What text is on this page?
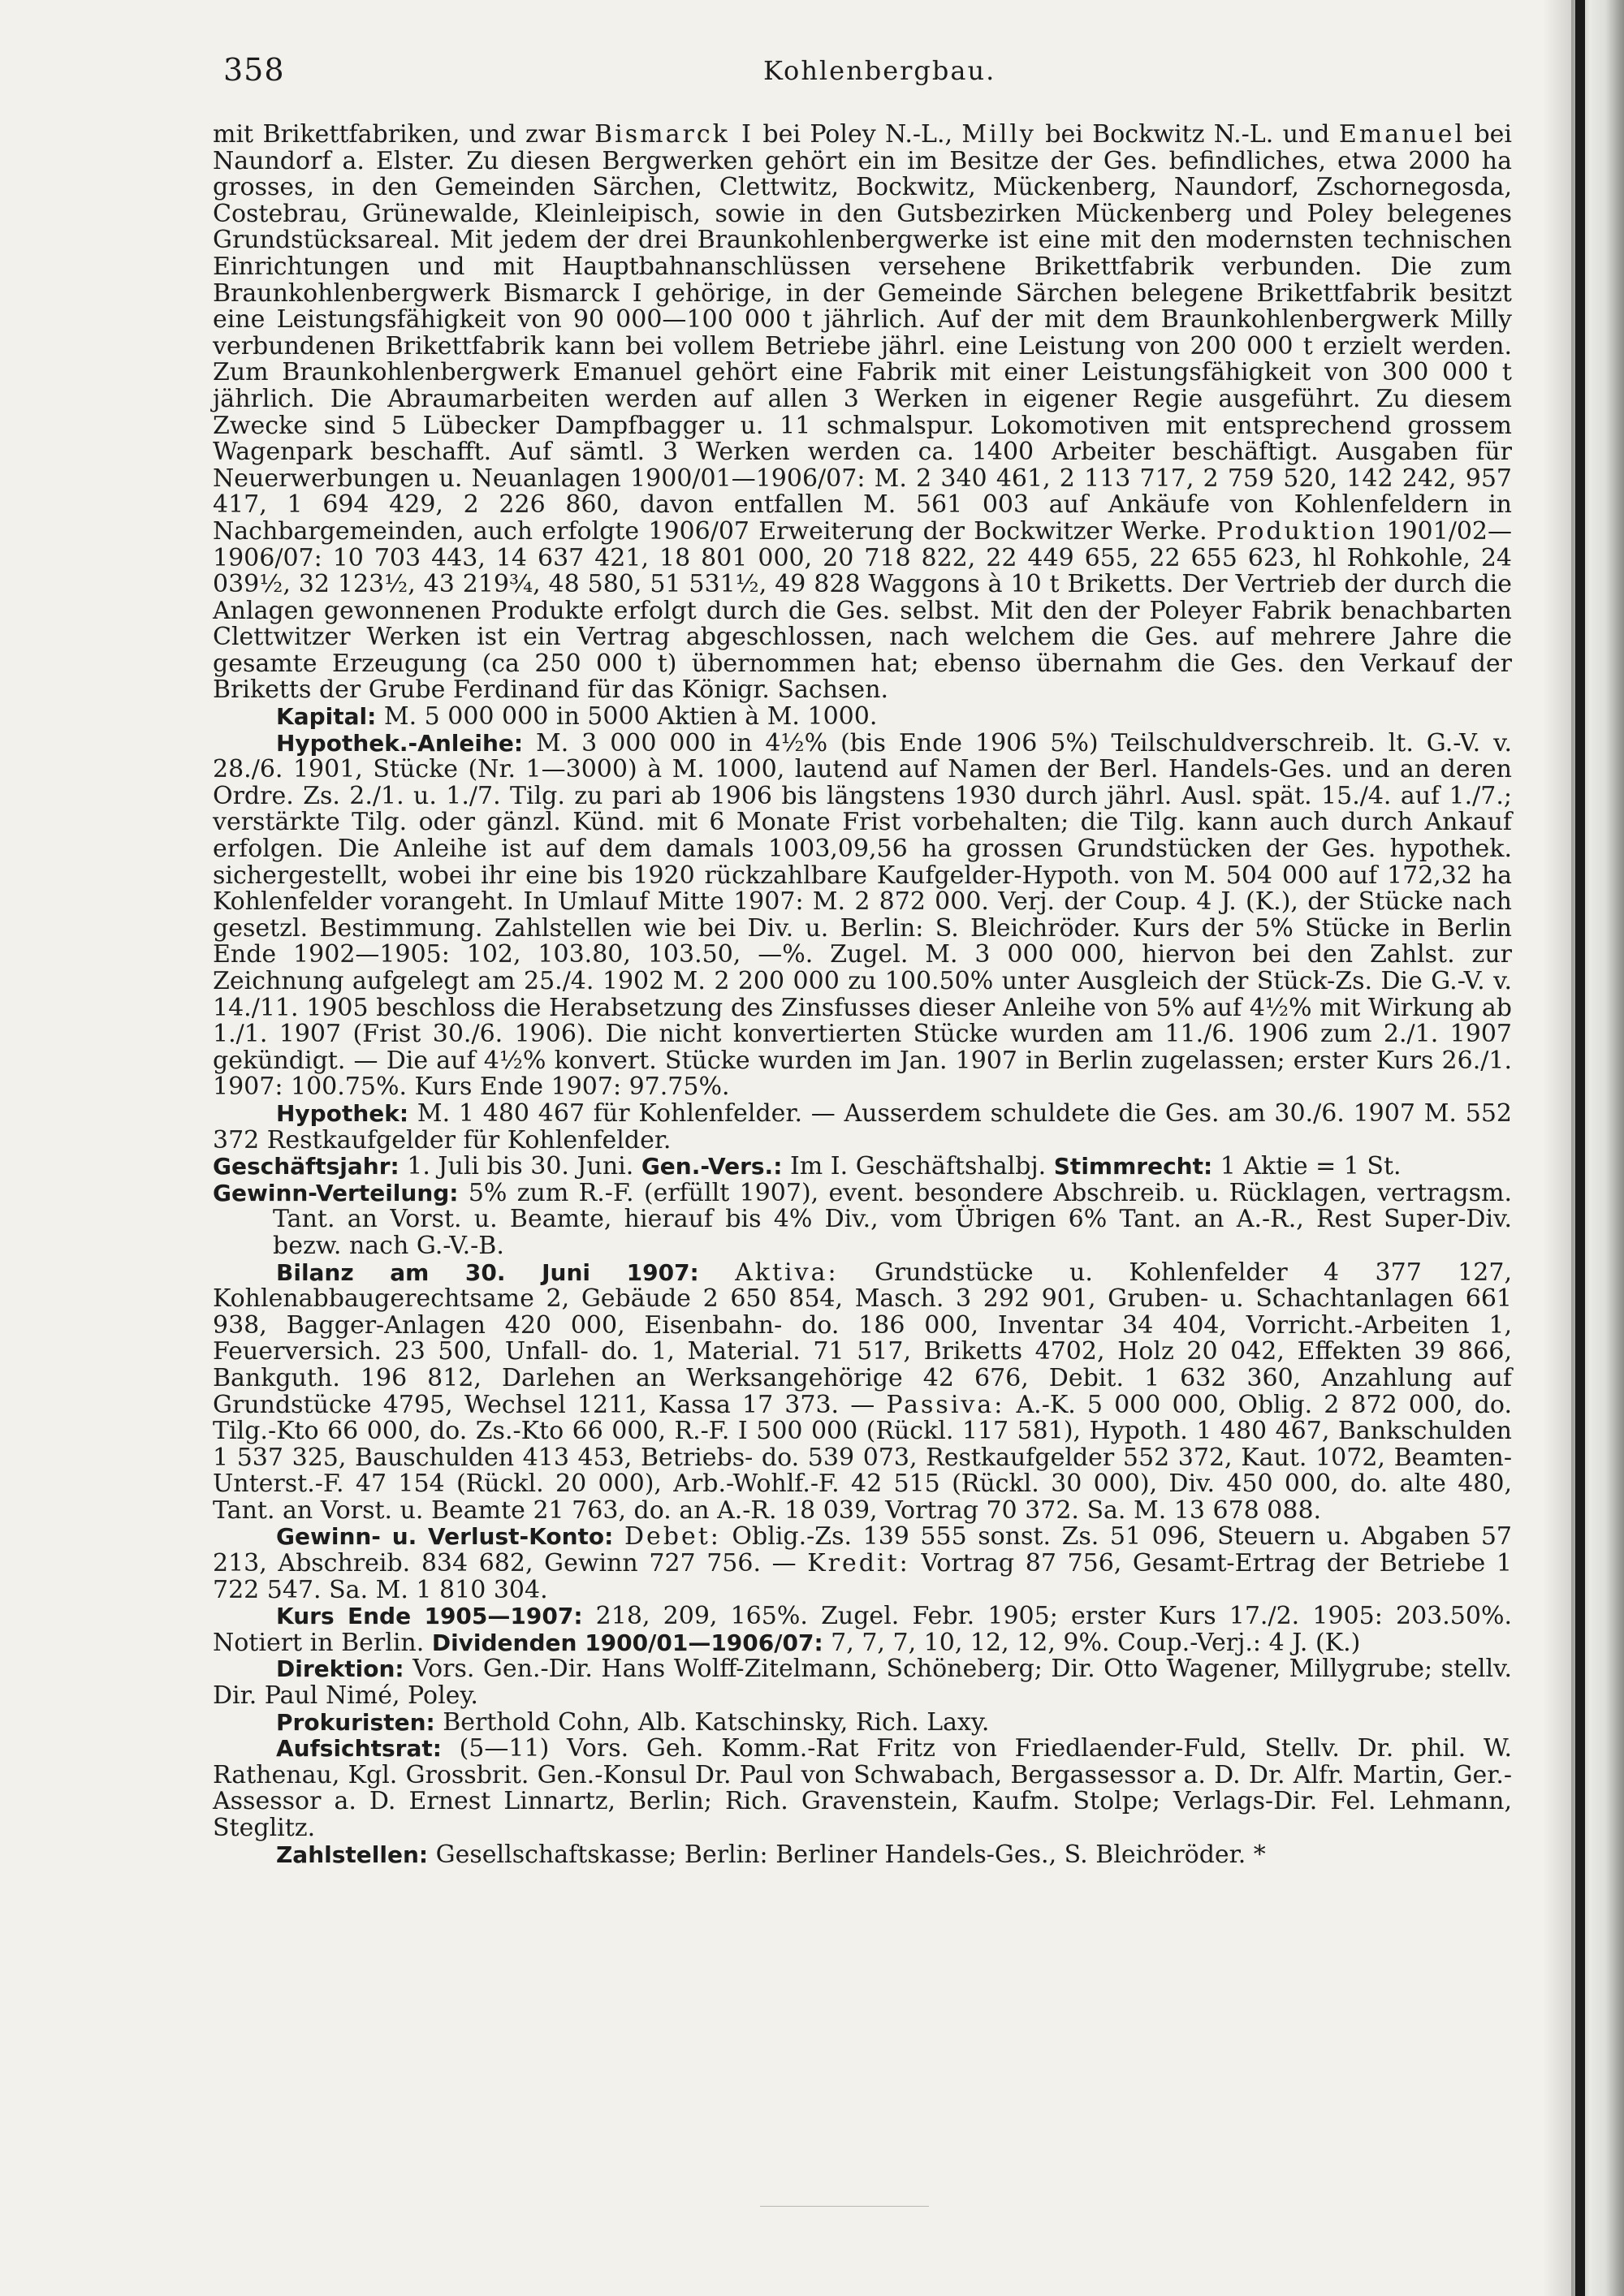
358	Kohlenbergbau.

mit Brikettfabriken, und zwar Bismarck I bei Poley N.-L., Milly bei Bockwitz N.-L. und Emanuel bei Naundorf a. Elster. Zu diesen Bergwerken gehört ein im Besitze der Ges. befindliches, etwa 2000 ha grosses, in den Gemeinden Särchen, Clettwitz, Bockwitz, Mückenberg, Naundorf, Zschornegosda, Costebrau, Grünewalde, Kleinleipisch, sowie in den Gutsbezirken Mückenberg und Poley belegenes Grundstücksareal. Mit jedem der drei Braunkohlenbergwerke ist eine mit den modernsten technischen Einrichtungen und mit Hauptbahnanschlüssen versehene Brikettfabrik verbunden. Die zum Braunkohlenbergwerk Bismarck I gehörige, in der Gemeinde Särchen belegene Brikettfabrik besitzt eine Leistungsfähigkeit von 90 000—100 000 t jährlich. Auf der mit dem Braunkohlenbergwerk Milly verbundenen Brikettfabrik kann bei vollem Betriebe jährl. eine Leistung von 200 000 t erzielt werden. Zum Braunkohlenbergwerk Emanuel gehört eine Fabrik mit einer Leistungsfähigkeit von 300 000 t jährlich. Die Abraumarbeiten werden auf allen 3 Werken in eigener Regie ausgeführt. Zu diesem Zwecke sind 5 Lübecker Dampfbagger u. 11 schmalspur. Lokomotiven mit entsprechend grossem Wagenpark beschafft. Auf sämtl. 3 Werken werden ca. 1400 Arbeiter beschäftigt. Ausgaben für Neuerwerbungen u. Neuanlagen 1900/01—1906/07: M. 2 340 461, 2 113 717, 2 759 520, 142 242, 957 417, 1 694 429, 2 226 860, davon entfallen M. 561 003 auf Ankäufe von Kohlenfeldern in Nachbargemeinden, auch erfolgte 1906/07 Erweiterung der Bockwitzer Werke. Produktion 1901/02—1906/07: 10 703 443, 14 637 421, 18 801 000, 20 718 822, 22 449 655, 22 655 623, hl Rohkohle, 24 039½, 32 123½, 43 219¾, 48 580, 51 531½, 49 828 Waggons à 10 t Briketts. Der Vertrieb der durch die Anlagen gewonnenen Produkte erfolgt durch die Ges. selbst. Mit den der Poleyer Fabrik benachbarten Clettwitzer Werken ist ein Vertrag abgeschlossen, nach welchem die Ges. auf mehrere Jahre die gesamte Erzeugung (ca 250 000 t) übernommen hat; ebenso übernahm die Ges. den Verkauf der Briketts der Grube Ferdinand für das Königr. Sachsen.

Kapital: M. 5 000 000 in 5000 Aktien à M. 1000.

Hypothek.-Anleihe: M. 3 000 000 in 4½% (bis Ende 1906 5%) Teilschuldverschreib. lt. G.-V. v. 28./6. 1901, Stücke (Nr. 1—3000) à M. 1000, lautend auf Namen der Berl. Handels-Ges. und an deren Ordre. Zs. 2./1. u. 1./7. Tilg. zu pari ab 1906 bis längstens 1930 durch jährl. Ausl. spät. 15./4. auf 1./7.; verstärkte Tilg. oder gänzl. Künd. mit 6 Monate Frist vorbehalten; die Tilg. kann auch durch Ankauf erfolgen. Die Anleihe ist auf dem damals 1003,09,56 ha grossen Grundstücken der Ges. hypothek. sichergestellt, wobei ihr eine bis 1920 rückzahlbare Kaufgelder-Hypoth. von M. 504 000 auf 172,32 ha Kohlenfelder vorangeht. In Umlauf Mitte 1907: M. 2 872 000. Verj. der Coup. 4 J. (K.), der Stücke nach gesetzl. Bestimmung. Zahlstellen wie bei Div. u. Berlin: S. Bleichröder. Kurs der 5% Stücke in Berlin Ende 1902—1905: 102, 103.80, 103.50, —%. Zugel. M. 3 000 000, hiervon bei den Zahlst. zur Zeichnung aufgelegt am 25./4. 1902 M. 2 200 000 zu 100.50% unter Ausgleich der Stück-Zs. Die G.-V. v. 14./11. 1905 beschloss die Herabsetzung des Zinsfusses dieser Anleihe von 5% auf 4½% mit Wirkung ab 1./1. 1907 (Frist 30./6. 1906). Die nicht konvertierten Stücke wurden am 11./6. 1906 zum 2./1. 1907 gekündigt. — Die auf 4½% konvert. Stücke wurden im Jan. 1907 in Berlin zugelassen; erster Kurs 26./1. 1907: 100.75%. Kurs Ende 1907: 97.75%.

Hypothek: M. 1 480 467 für Kohlenfelder. — Ausserdem schuldete die Ges. am 30./6. 1907 M. 552 372 Restkaufgelder für Kohlenfelder.

Geschäftsjahr: 1. Juli bis 30. Juni. Gen.-Vers.: Im I. Geschäftshalbj. Stimmrecht: 1 Aktie = 1 St.

Gewinn-Verteilung: 5% zum R.-F. (erfüllt 1907), event. besondere Abschreib. u. Rücklagen, vertragsm. Tant. an Vorst. u. Beamte, hierauf bis 4% Div., vom Übrigen 6% Tant. an A.-R., Rest Super-Div. bezw. nach G.-V.-B.

Bilanz am 30. Juni 1907: Aktiva: Grundstücke u. Kohlenfelder 4 377 127, Kohlenabbaugerechtsame 2, Gebäude 2 650 854, Masch. 3 292 901, Gruben- u. Schachtanlagen 661 938, Bagger-Anlagen 420 000, Eisenbahn- do. 186 000, Inventar 34 404, Vorricht.-Arbeiten 1, Feuerversich. 23 500, Unfall- do. 1, Material. 71 517, Briketts 4702, Holz 20 042, Effekten 39 866, Bankguth. 196 812, Darlehen an Werksangehörige 42 676, Debit. 1 632 360, Anzahlung auf Grundstücke 4795, Wechsel 1211, Kassa 17 373. — Passiva: A.-K. 5 000 000, Oblig. 2 872 000, do. Tilg.-Kto 66 000, do. Zs.-Kto 66 000, R.-F. I 500 000 (Rückl. 117 581), Hypoth. 1 480 467, Bankschulden 1 537 325, Bauschulden 413 453, Betriebs- do. 539 073, Restkaufgelder 552 372, Kaut. 1072, Beamten-Unterst.-F. 47 154 (Rückl. 20 000), Arb.-Wohlf.-F. 42 515 (Rückl. 30 000), Div. 450 000, do. alte 480, Tant. an Vorst. u. Beamte 21 763, do. an A.-R. 18 039, Vortrag 70 372. Sa. M. 13 678 088.

Gewinn- u. Verlust-Konto: Debet: Oblig.-Zs. 139 555 sonst. Zs. 51 096, Steuern u. Abgaben 57 213, Abschreib. 834 682, Gewinn 727 756. — Kredit: Vortrag 87 756, Gesamt-Ertrag der Betriebe 1 722 547. Sa. M. 1 810 304.

Kurs Ende 1905—1907: 218, 209, 165%. Zugel. Febr. 1905; erster Kurs 17./2. 1905: 203.50%. Notiert in Berlin. Dividenden 1900/01—1906/07: 7, 7, 7, 10, 12, 12, 9%. Coup.-Verj.: 4 J. (K.)

Direktion: Vors. Gen.-Dir. Hans Wolff-Zitelmann, Schöneberg; Dir. Otto Wagener, Millygrube; stellv. Dir. Paul Nimé, Poley.

Prokuristen: Berthold Cohn, Alb. Katschinsky, Rich. Laxy.

Aufsichtsrat: (5—11) Vors. Geh. Komm.-Rat Fritz von Friedlaender-Fuld, Stellv. Dr. phil. W. Rathenau, Kgl. Grossbrit. Gen.-Konsul Dr. Paul von Schwabach, Bergassessor a. D. Dr. Alfr. Martin, Ger.-Assessor a. D. Ernest Linnartz, Berlin; Rich. Gravenstein, Kaufm. Stolpe; Verlags-Dir. Fel. Lehmann, Steglitz.

Zahlstellen: Gesellschaftskasse; Berlin: Berliner Handels-Ges., S. Bleichröder. *
